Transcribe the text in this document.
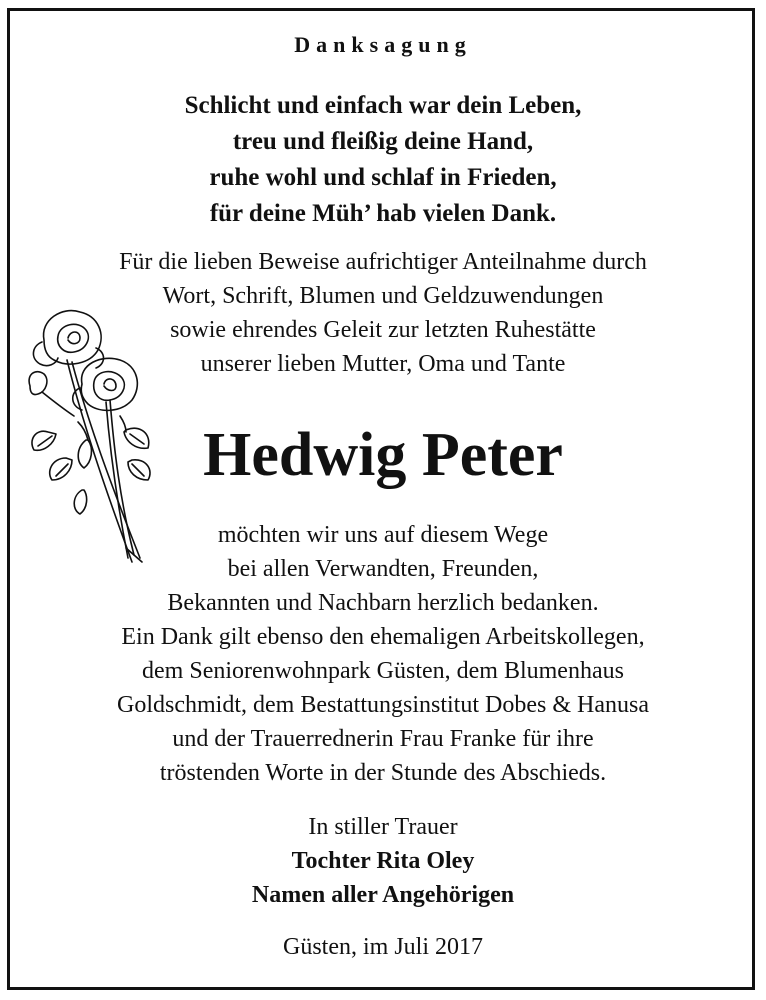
Danksagung
Schlicht und einfach war dein Leben,
treu und fleißig deine Hand,
ruhe wohl und schlaf in Frieden,
für deine Müh’ hab vielen Dank.
Für die lieben Beweise aufrichtiger Anteilnahme durch
Wort, Schrift, Blumen und Geldzuwendungen
sowie ehrendes Geleit zur letzten Ruhestätte
unserer lieben Mutter, Oma und Tante
Hedwig Peter
möchten wir uns auf diesem Wege
bei allen Verwandten, Freunden,
Bekannten und Nachbarn herzlich bedanken.
Ein Dank gilt ebenso den ehemaligen Arbeitskollegen,
dem Seniorenwohnpark Güsten, dem Blumenhaus
Goldschmidt, dem Bestattungsinstitut Dobes & Hanusa
und der Trauerrednerin Frau Franke für ihre
tröstenden Worte in der Stunde des Abschieds.
In stiller Trauer
Tochter Rita Oley
Namen aller Angehörigen
Güsten, im Juli 2017
